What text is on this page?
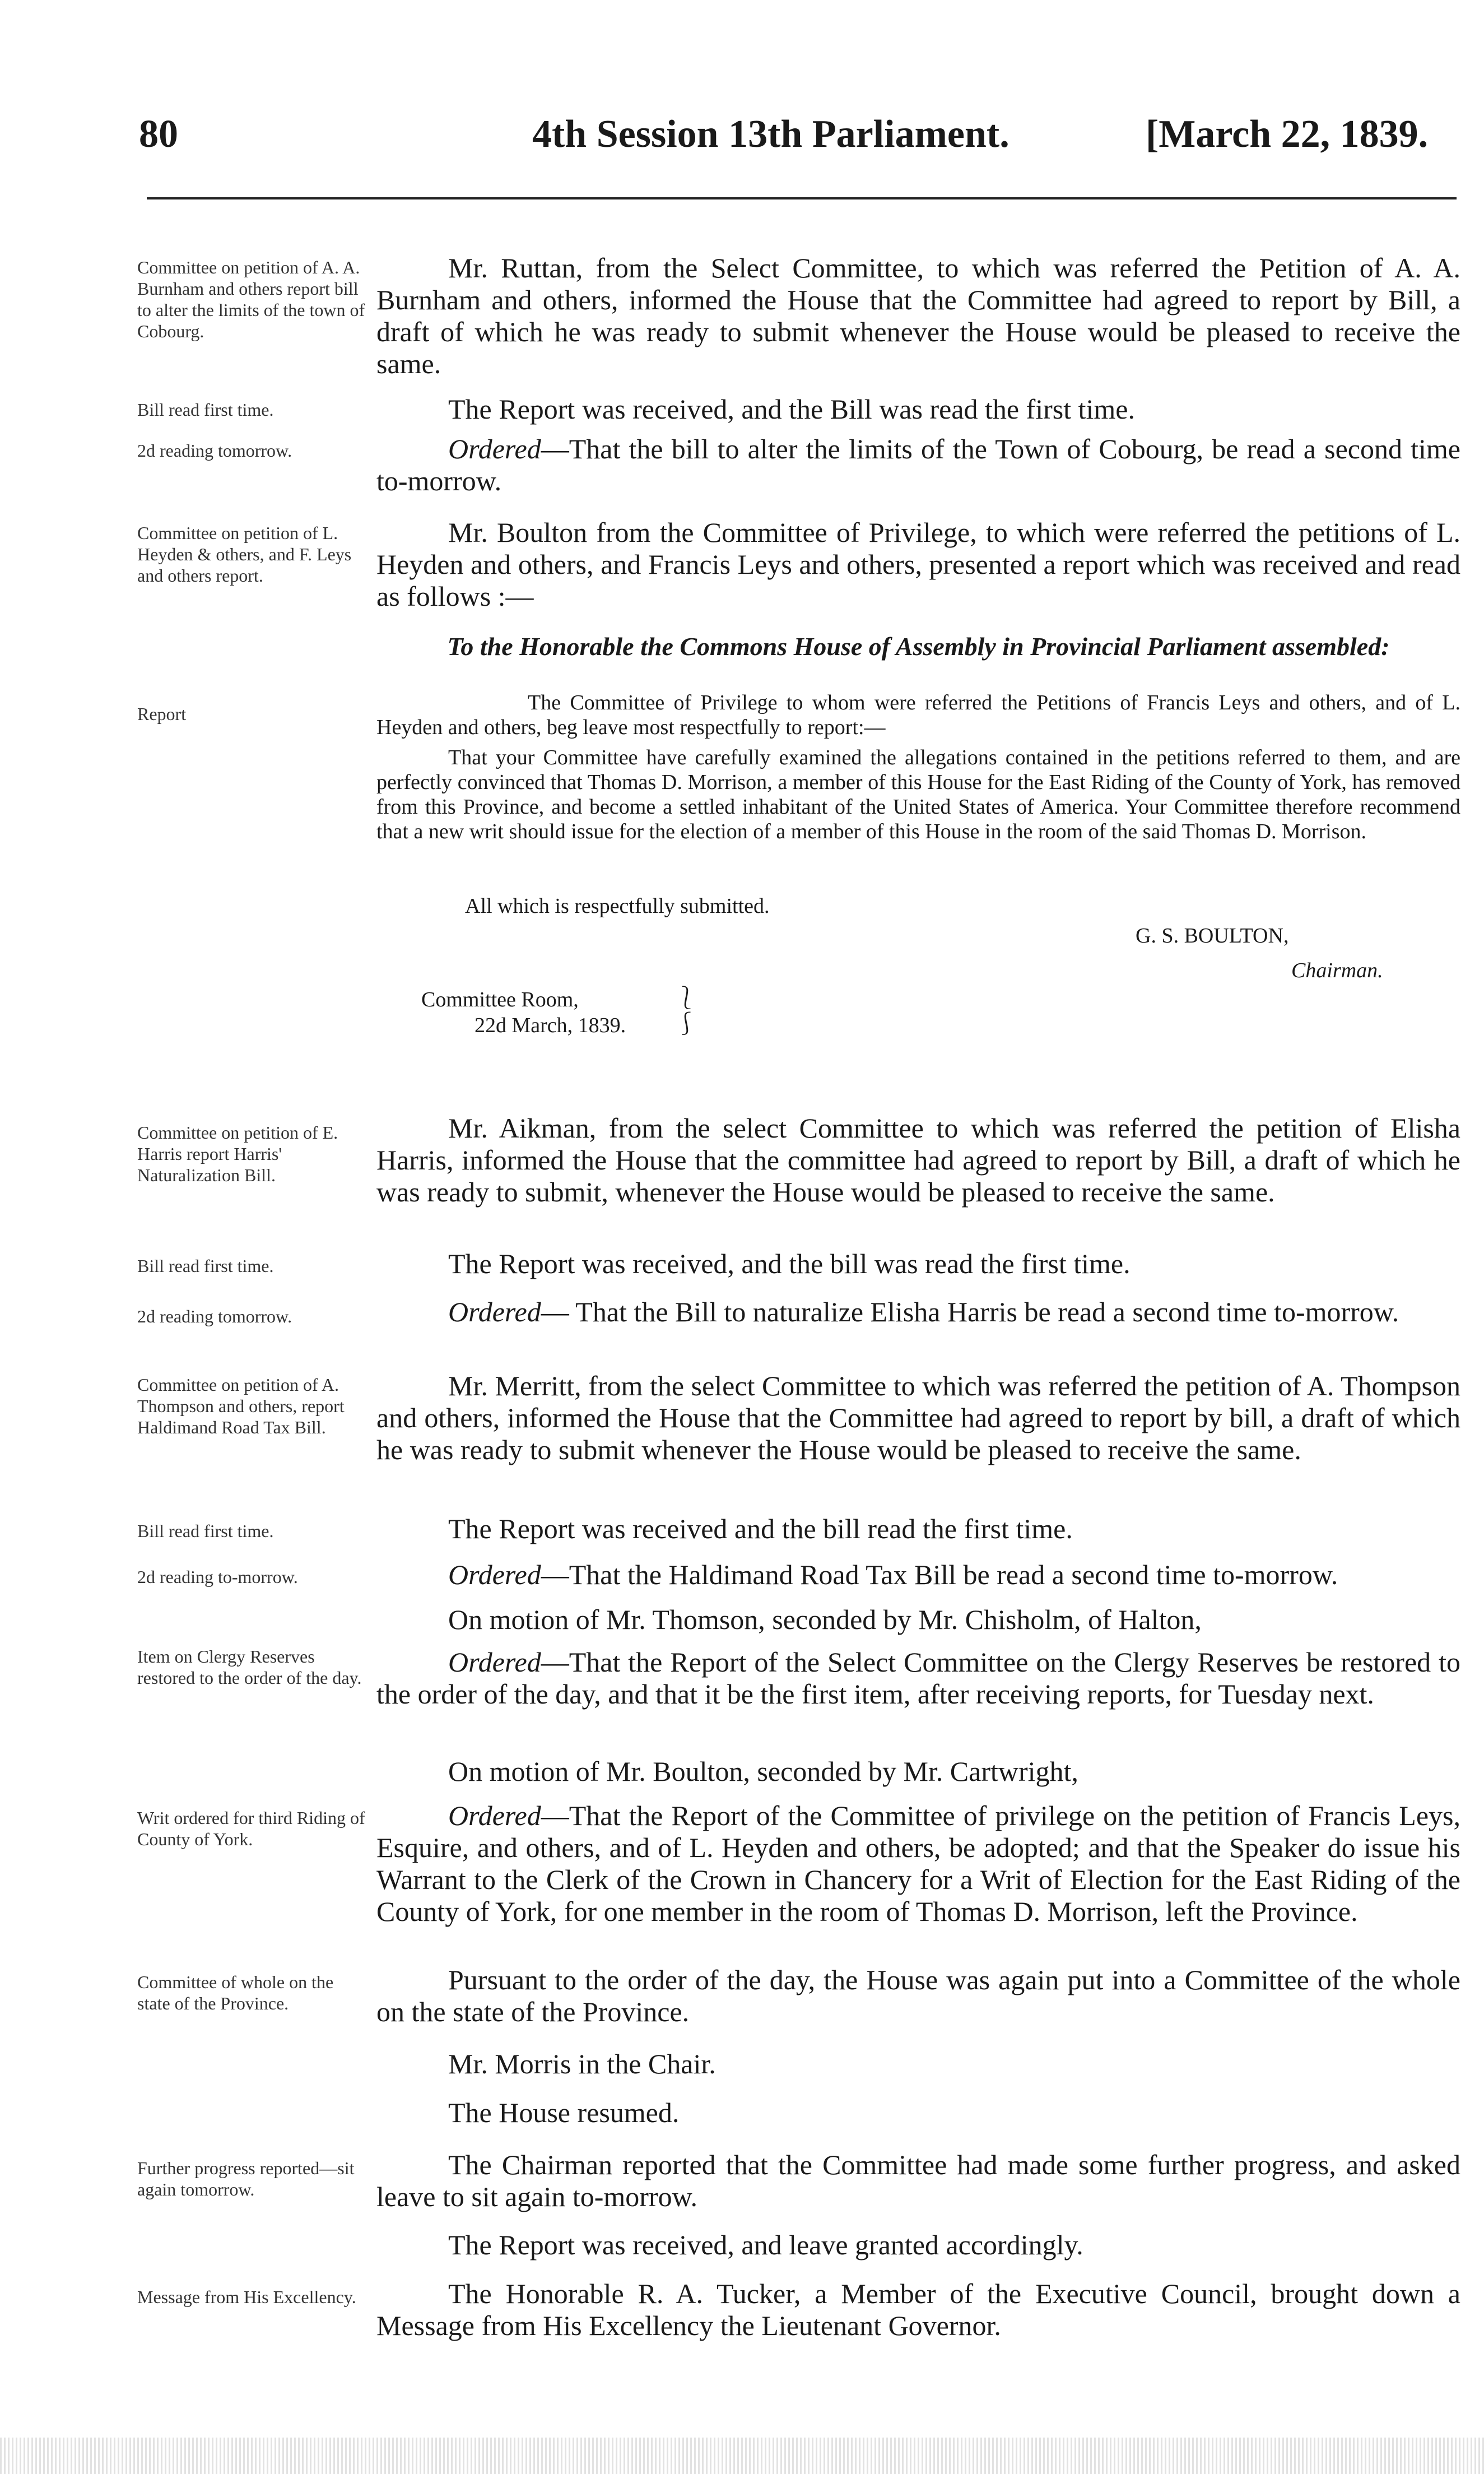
80	4th Session 13th Parliament.	[March 22, 1839.
Committee on petition of A. A. Burnham and others report bill to alter the limits of the town of Cobourg.
Mr. Ruttan, from the Select Committee, to which was referred the Petition of A. A. Burnham and others, informed the House that the Committee had agreed to report by Bill, a draft of which he was ready to submit whenever the House would be pleased to receive the same.
Bill read first time.	The Report was received, and the Bill was read the first time.
2d reading tomorrow.	Ordered—That the bill to alter the limits of the Town of Cobourg, be read a second time to-morrow.
Committee on petition of L. Heyden & others, and F. Leys and others report.
Mr. Boulton from the Committee of Privilege, to which were referred the petitions of L. Heyden and others, and Francis Leys and others, presented a report which was received and read as follows :—
To the Honorable the Commons House of Assembly in Provincial Parliament assembled:
Report	The Committee of Privilege to whom were referred the Petitions of Francis Leys and others, and of L. Heyden and others, beg leave most respectfully to report:—
That your Committee have carefully examined the allegations contained in the petitions referred to them, and are perfectly convinced that Thomas D. Morrison, a member of this House for the East Riding of the County of York, has removed from this Province, and become a settled inhabitant of the United States of America. Your Committee therefore recommend that a new writ should issue for the election of a member of this House in the room of the said Thomas D. Morrison.
All which is respectfully submitted.
G. S. BOULTON,
Chairman.
Committee Room,
22d March, 1839.
⎱
⎰
Committee on petition of E. Harris report Harris' Naturalization Bill.
Mr. Aikman, from the select Committee to which was referred the petition of Elisha Harris, informed the House that the committee had agreed to report by Bill, a draft of which he was ready to submit, whenever the House would be pleased to receive the same.
Bill read first time.	The Report was received, and the bill was read the first time.
2d reading tomorrow.	Ordered— That the Bill to naturalize Elisha Harris be read a second time to-morrow.
Committee on petition of A. Thompson and others, report Haldimand Road Tax Bill.
Mr. Merritt, from the select Committee to which was referred the petition of A. Thompson and others, informed the House that the Committee had agreed to report by bill, a draft of which he was ready to submit whenever the House would be pleased to receive the same.
Bill read first time.	The Report was received and the bill read the first time.
2d reading to-morrow.	Ordered—That the Haldimand Road Tax Bill be read a second time to-morrow.
On motion of Mr. Thomson, seconded by Mr. Chisholm, of Halton,
Item on Clergy Reserves restored to the order of the day.	Ordered—That the Report of the Select Committee on the Clergy Reserves be restored to the order of the day, and that it be the first item, after receiving reports, for Tuesday next.
On motion of Mr. Boulton, seconded by Mr. Cartwright,
Writ ordered for third Riding of County of York.
Ordered—That the Report of the Committee of privilege on the petition of Francis Leys, Esquire, and others, and of L. Heyden and others, be adopted; and that the Speaker do issue his Warrant to the Clerk of the Crown in Chancery for a Writ of Election for the East Riding of the County of York, for one member in the room of Thomas D. Morrison, left the Province.
Committee of whole on the state of the Province.
Pursuant to the order of the day, the House was again put into a Committee of the whole on the state of the Province.
Mr. Morris in the Chair.
The House resumed.
Further progress reported—sit again tomorrow.
The Chairman reported that the Committee had made some further progress, and asked leave to sit again to-morrow.
The Report was received, and leave granted accordingly.
Message from His Excellency.	The Honorable R. A. Tucker, a Member of the Executive Council, brought down a Message from His Excellency the Lieutenant Governor.
